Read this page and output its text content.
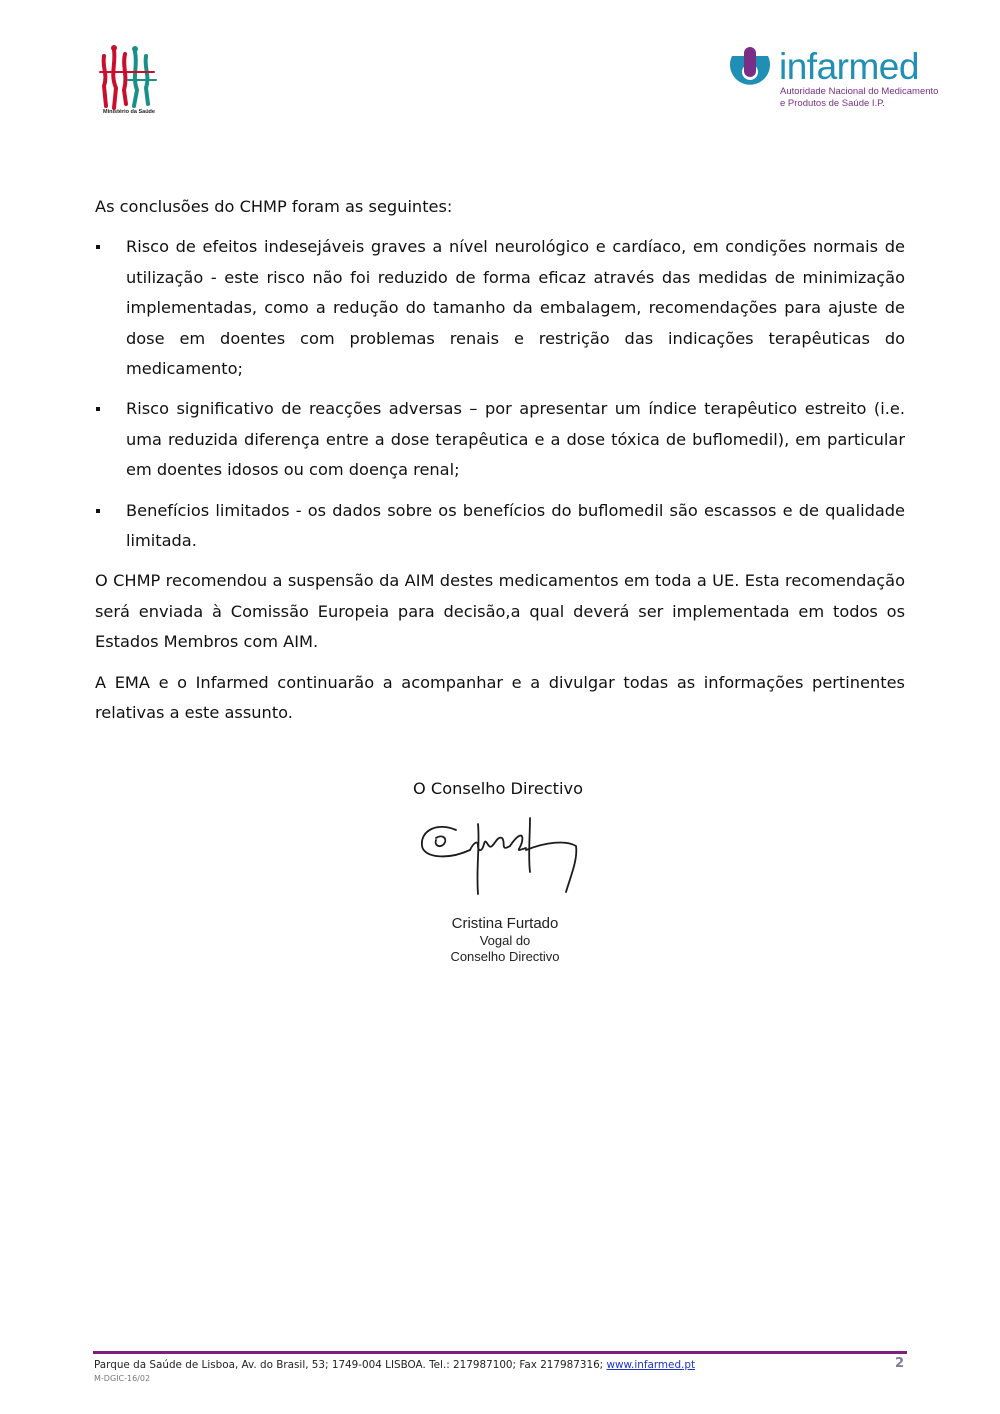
Ministério da Saúde
infarmed
Autoridade Nacional do Medicamento
e Produtos de Saúde I.P.

As conclusões do CHMP foram as seguintes:

Risco de efeitos indesejáveis graves a nível neurológico e cardíaco, em condições normais de utilização - este risco não foi reduzido de forma eficaz através das medidas de minimização implementadas, como a redução do tamanho da embalagem, recomendações para ajuste de dose em doentes com problemas renais e restrição das indicações terapêuticas do medicamento;
Risco significativo de reacções adversas – por apresentar um índice terapêutico estreito (i.e. uma reduzida diferença entre a dose terapêutica e a dose tóxica de buflomedil), em particular em doentes idosos ou com doença renal;
Benefícios limitados - os dados sobre os benefícios do buflomedil são escassos e de qualidade limitada.

O CHMP recomendou a suspensão da AIM destes medicamentos em toda a UE. Esta recomendação será enviada à Comissão Europeia para decisão,a qual deverá ser implementada em todos os Estados Membros com AIM.

A EMA e o Infarmed continuarão a acompanhar e a divulgar todas as informações pertinentes relativas a este assunto.

O Conselho Directivo
Cristina Furtado
Vogal do
Conselho Directivo
Parque da Saúde de Lisboa, Av. do Brasil, 53; 1749-004 LISBOA. Tel.: 217987100; Fax 217987316; www.infarmed.pt
M-DGIC-16/02
2
